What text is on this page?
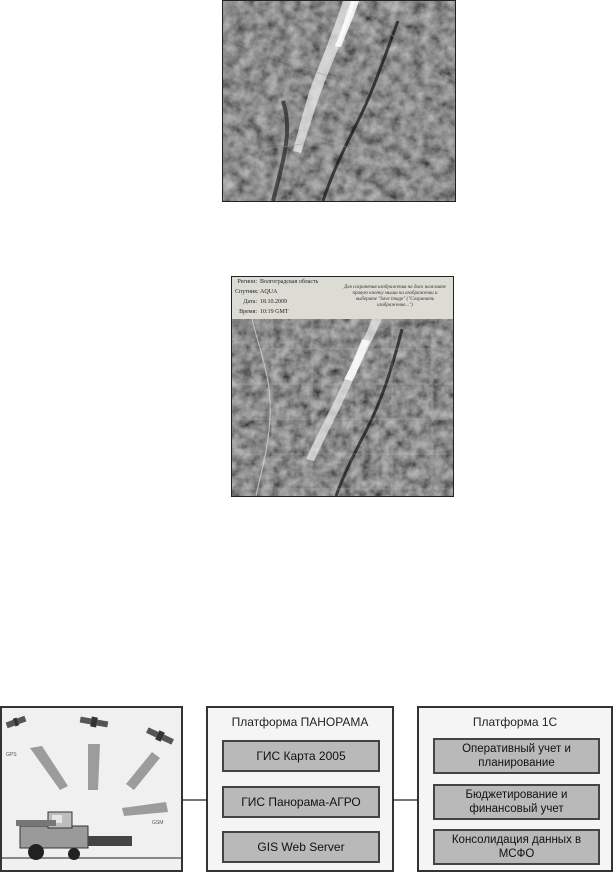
Регион: Волгоградская область
Спутник:AQUA
Дата: 18.10.2009
Время: 10:19 GMT
Для сохранения изображения на диск нажмите правую кнопку мыши на изображении и выберите "Save image" ("Сохранить изображение...")
GPS
GSM
Платформа ПАНОРАМА
ГИС Карта 2005
ГИС Панорама-АГРО
GIS Web Server
Платформа 1С
Оперативный учет и планирование
Бюджетирование и финансовый учет
Консолидация данных в МСФО
